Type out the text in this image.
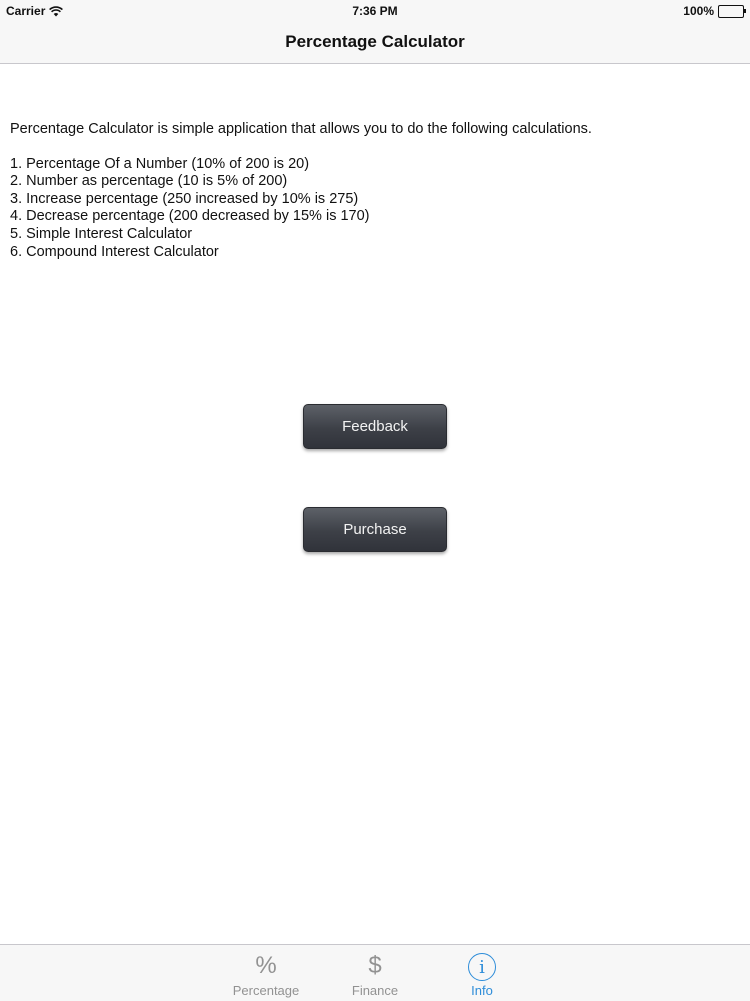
Carrier	7:36 PM	100%
Percentage Calculator

Percentage Calculator is simple application that allows you to do the following calculations.

1. Percentage Of a Number (10% of 200 is 20)
2. Number as percentage (10 is 5% of 200)
3. Increase percentage (250 increased by 10% is 275)
4. Decrease percentage (200 decreased by 15% is 170)
5. Simple Interest Calculator
6. Compound Interest Calculator
Feedback
Purchase
%
Percentage
$
Finance
i
Info
